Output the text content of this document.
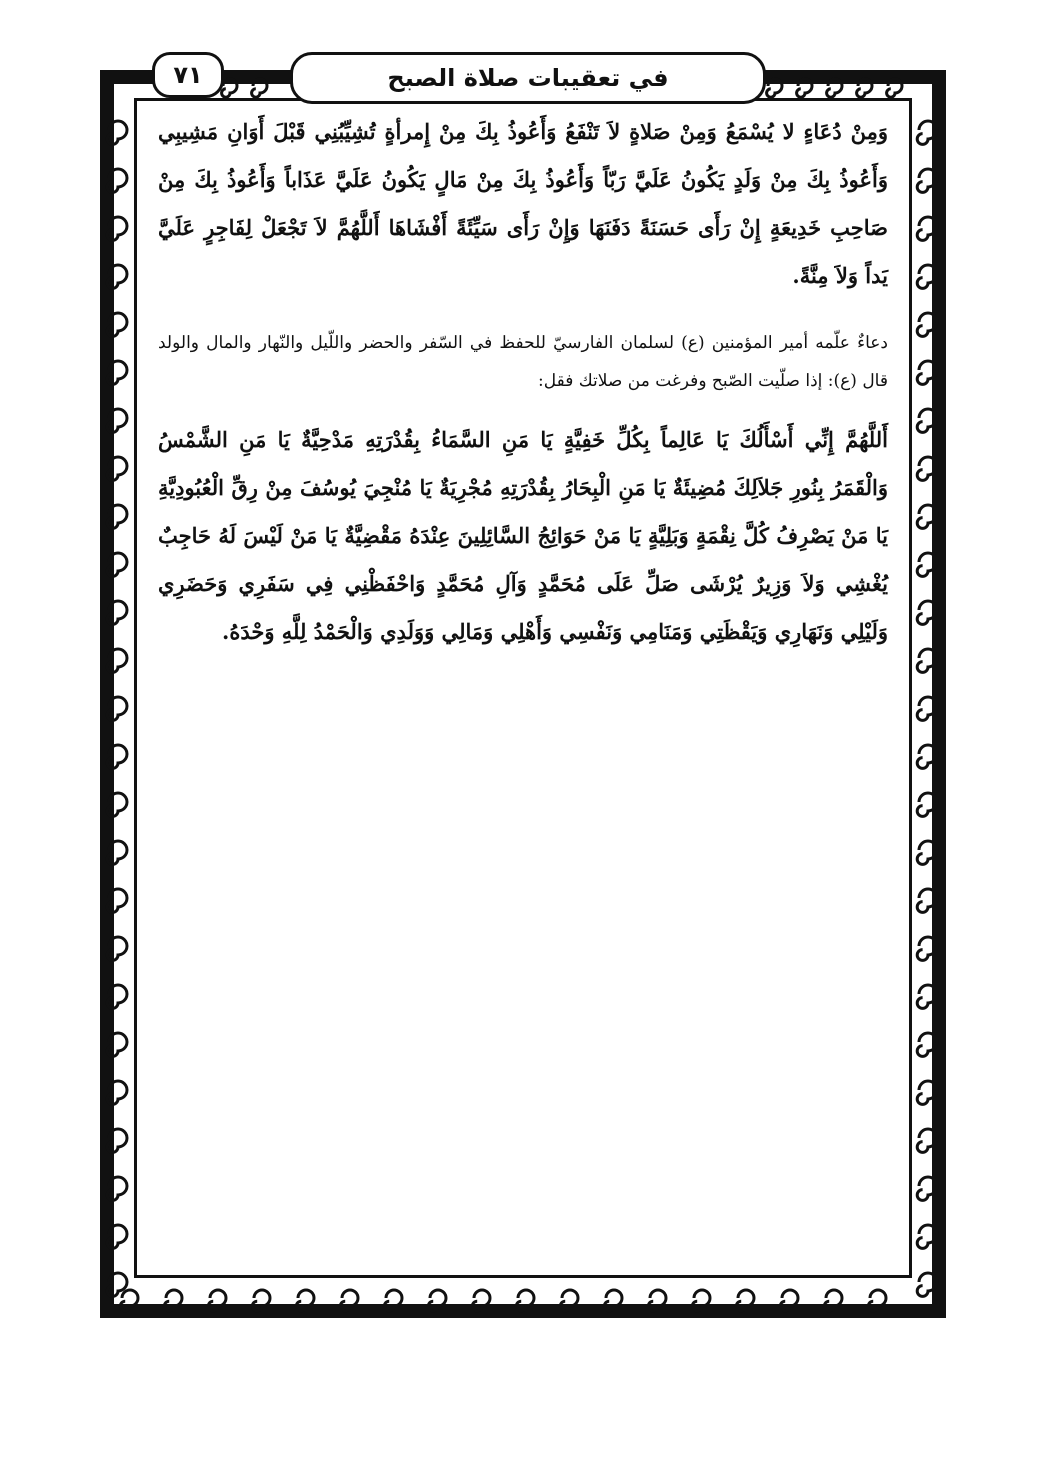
في تعقيبات صلاة الصبح
٧١

وَمِنْ دُعَاءٍ لا يُسْمَعُ وَمِنْ صَلاةٍ لاَ تَنْفَعُ وَأَعُوذُ بِكَ مِنْ إِمرأةٍ تُشِيِّبُنِي قَبْلَ أَوَانِ مَشِيبِي وَأَعُوذُ بِكَ مِنْ وَلَدٍ يَكُونُ عَلَيَّ رَبّاً وَأَعُوذُ بِكَ مِنْ مَالٍ يَكُونُ عَلَيَّ عَذَاباً وَأَعُوذُ بِكَ مِنْ صَاحِبِ خَدِيعَةٍ إِنْ رَأَى حَسَنَةً دَفَنَهَا وَإِنْ رَأَى سَيِّئَةً أَفْشَاهَا أَللَّهُمَّ لاَ تَجْعَلْ لِفَاجِرٍ عَلَيَّ يَداً وَلاَ مِنَّةً.

دعاءٌ علّمه أمير المؤمنين (ع) لسلمان الفارسيّ للحفظ في السّفر والحضر واللّيل والنّهار والمال والولد قال (ع): إذا صلّيت الصّبح وفرغت من صلاتك فقل:

أَللَّهُمَّ إِنِّي أَسْأَلُكَ يَا عَالِماً بِكُلِّ خَفِيَّةٍ يَا مَنِ السَّمَاءُ بِقُدْرَتِهِ مَدْحِيَّةٌ يَا مَنِ الشَّمْسُ وَالْقَمَرُ بِنُورِ جَلاَلِكَ مُضِيئَةٌ يَا مَنِ الْبِحَارُ بِقُدْرَتِهِ مُجْرِيَةٌ يَا مُنْجِيَ يُوسُفَ مِنْ رِقِّ الْعُبُودِيَّةِ يَا مَنْ يَصْرِفُ كُلَّ نِقْمَةٍ وَبَلِيَّةٍ يَا مَنْ حَوَائِجُ السَّائِلِينَ عِنْدَهُ مَقْضِيَّةٌ يَا مَنْ لَيْسَ لَهُ حَاجِبٌ يُغْشِي وَلاَ وَزِيرٌ يُرْشَى صَلِّ عَلَى مُحَمَّدٍ وَآلِ مُحَمَّدٍ وَاحْفَظْنِي فِي سَفَرِي وَحَضَرِي وَلَيْلِي وَنَهَارِي وَيَقْظَتِي وَمَنَامِي وَنَفْسِي وَأَهْلِي وَمَالِي وَوَلَدِي وَالْحَمْدُ لِلَّهِ وَحْدَهُ.
